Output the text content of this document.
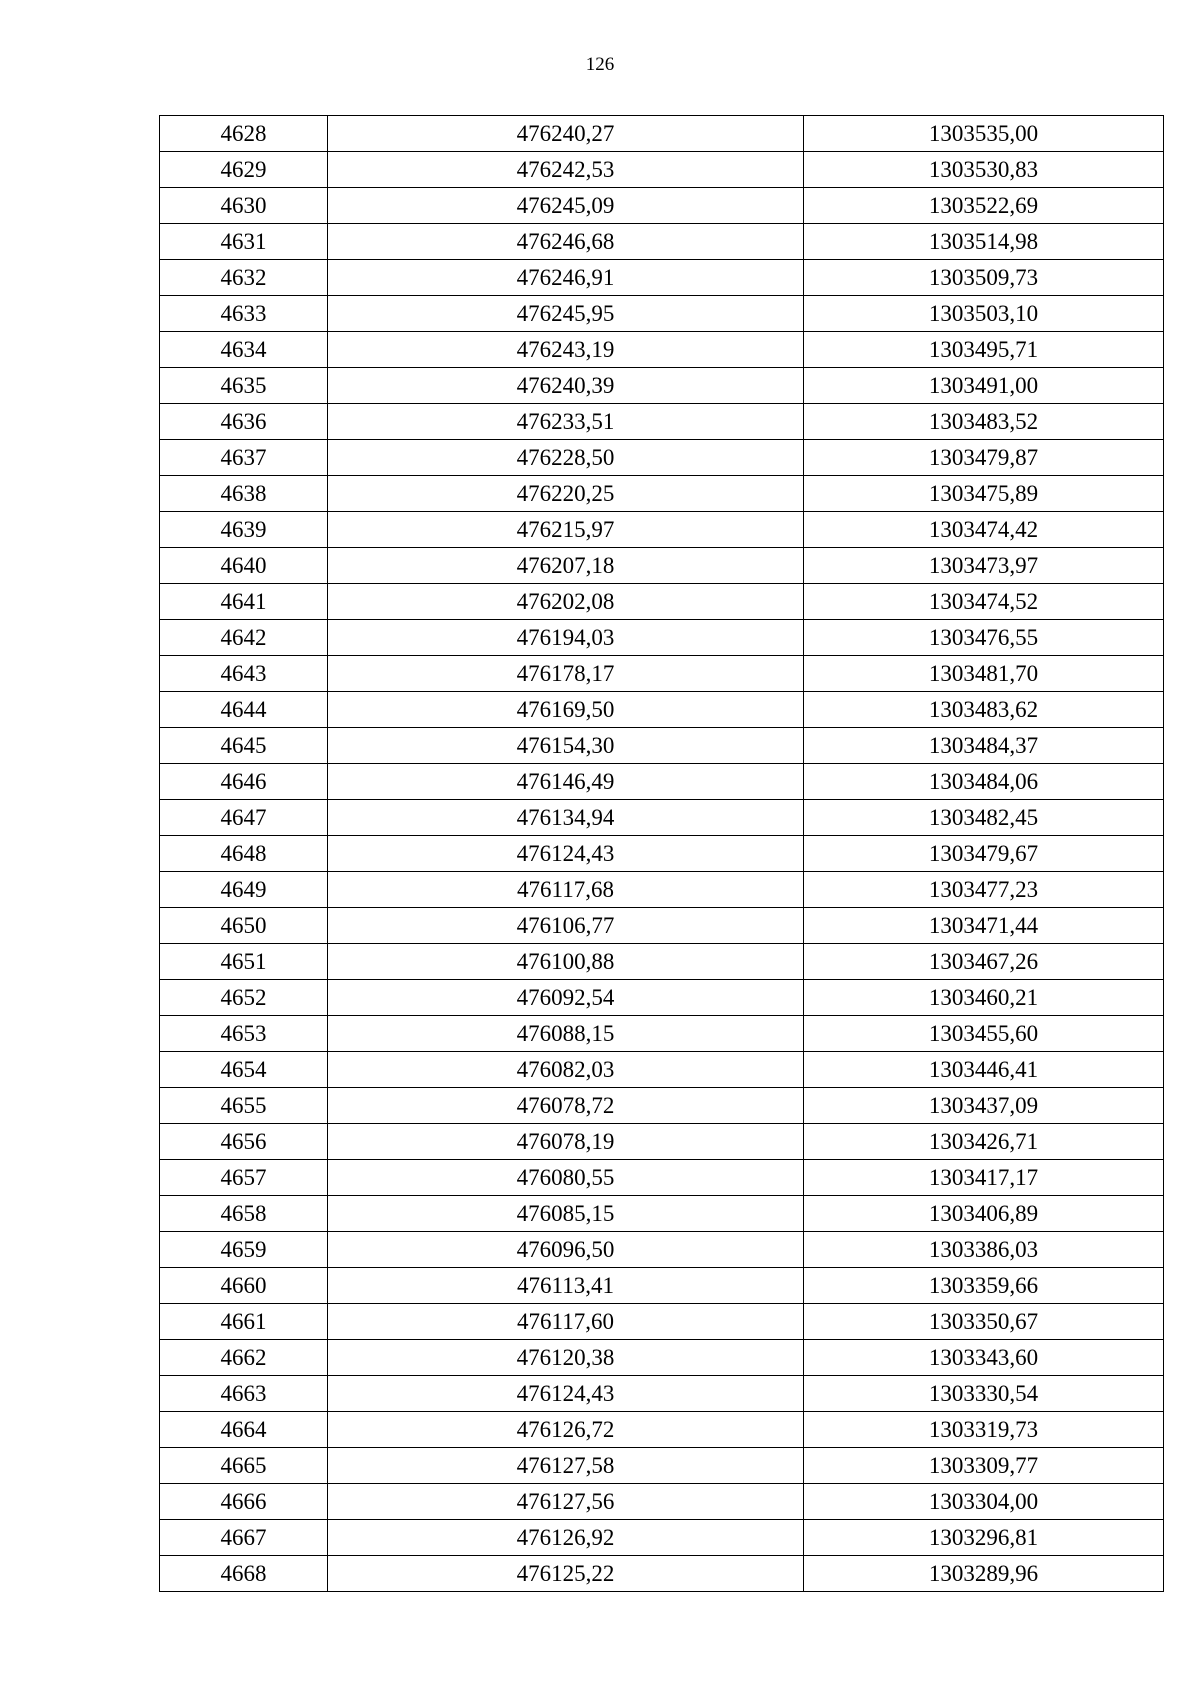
126
4628	476240,27	1303535,00
4629	476242,53	1303530,83
4630	476245,09	1303522,69
4631	476246,68	1303514,98
4632	476246,91	1303509,73
4633	476245,95	1303503,10
4634	476243,19	1303495,71
4635	476240,39	1303491,00
4636	476233,51	1303483,52
4637	476228,50	1303479,87
4638	476220,25	1303475,89
4639	476215,97	1303474,42
4640	476207,18	1303473,97
4641	476202,08	1303474,52
4642	476194,03	1303476,55
4643	476178,17	1303481,70
4644	476169,50	1303483,62
4645	476154,30	1303484,37
4646	476146,49	1303484,06
4647	476134,94	1303482,45
4648	476124,43	1303479,67
4649	476117,68	1303477,23
4650	476106,77	1303471,44
4651	476100,88	1303467,26
4652	476092,54	1303460,21
4653	476088,15	1303455,60
4654	476082,03	1303446,41
4655	476078,72	1303437,09
4656	476078,19	1303426,71
4657	476080,55	1303417,17
4658	476085,15	1303406,89
4659	476096,50	1303386,03
4660	476113,41	1303359,66
4661	476117,60	1303350,67
4662	476120,38	1303343,60
4663	476124,43	1303330,54
4664	476126,72	1303319,73
4665	476127,58	1303309,77
4666	476127,56	1303304,00
4667	476126,92	1303296,81
4668	476125,22	1303289,96
